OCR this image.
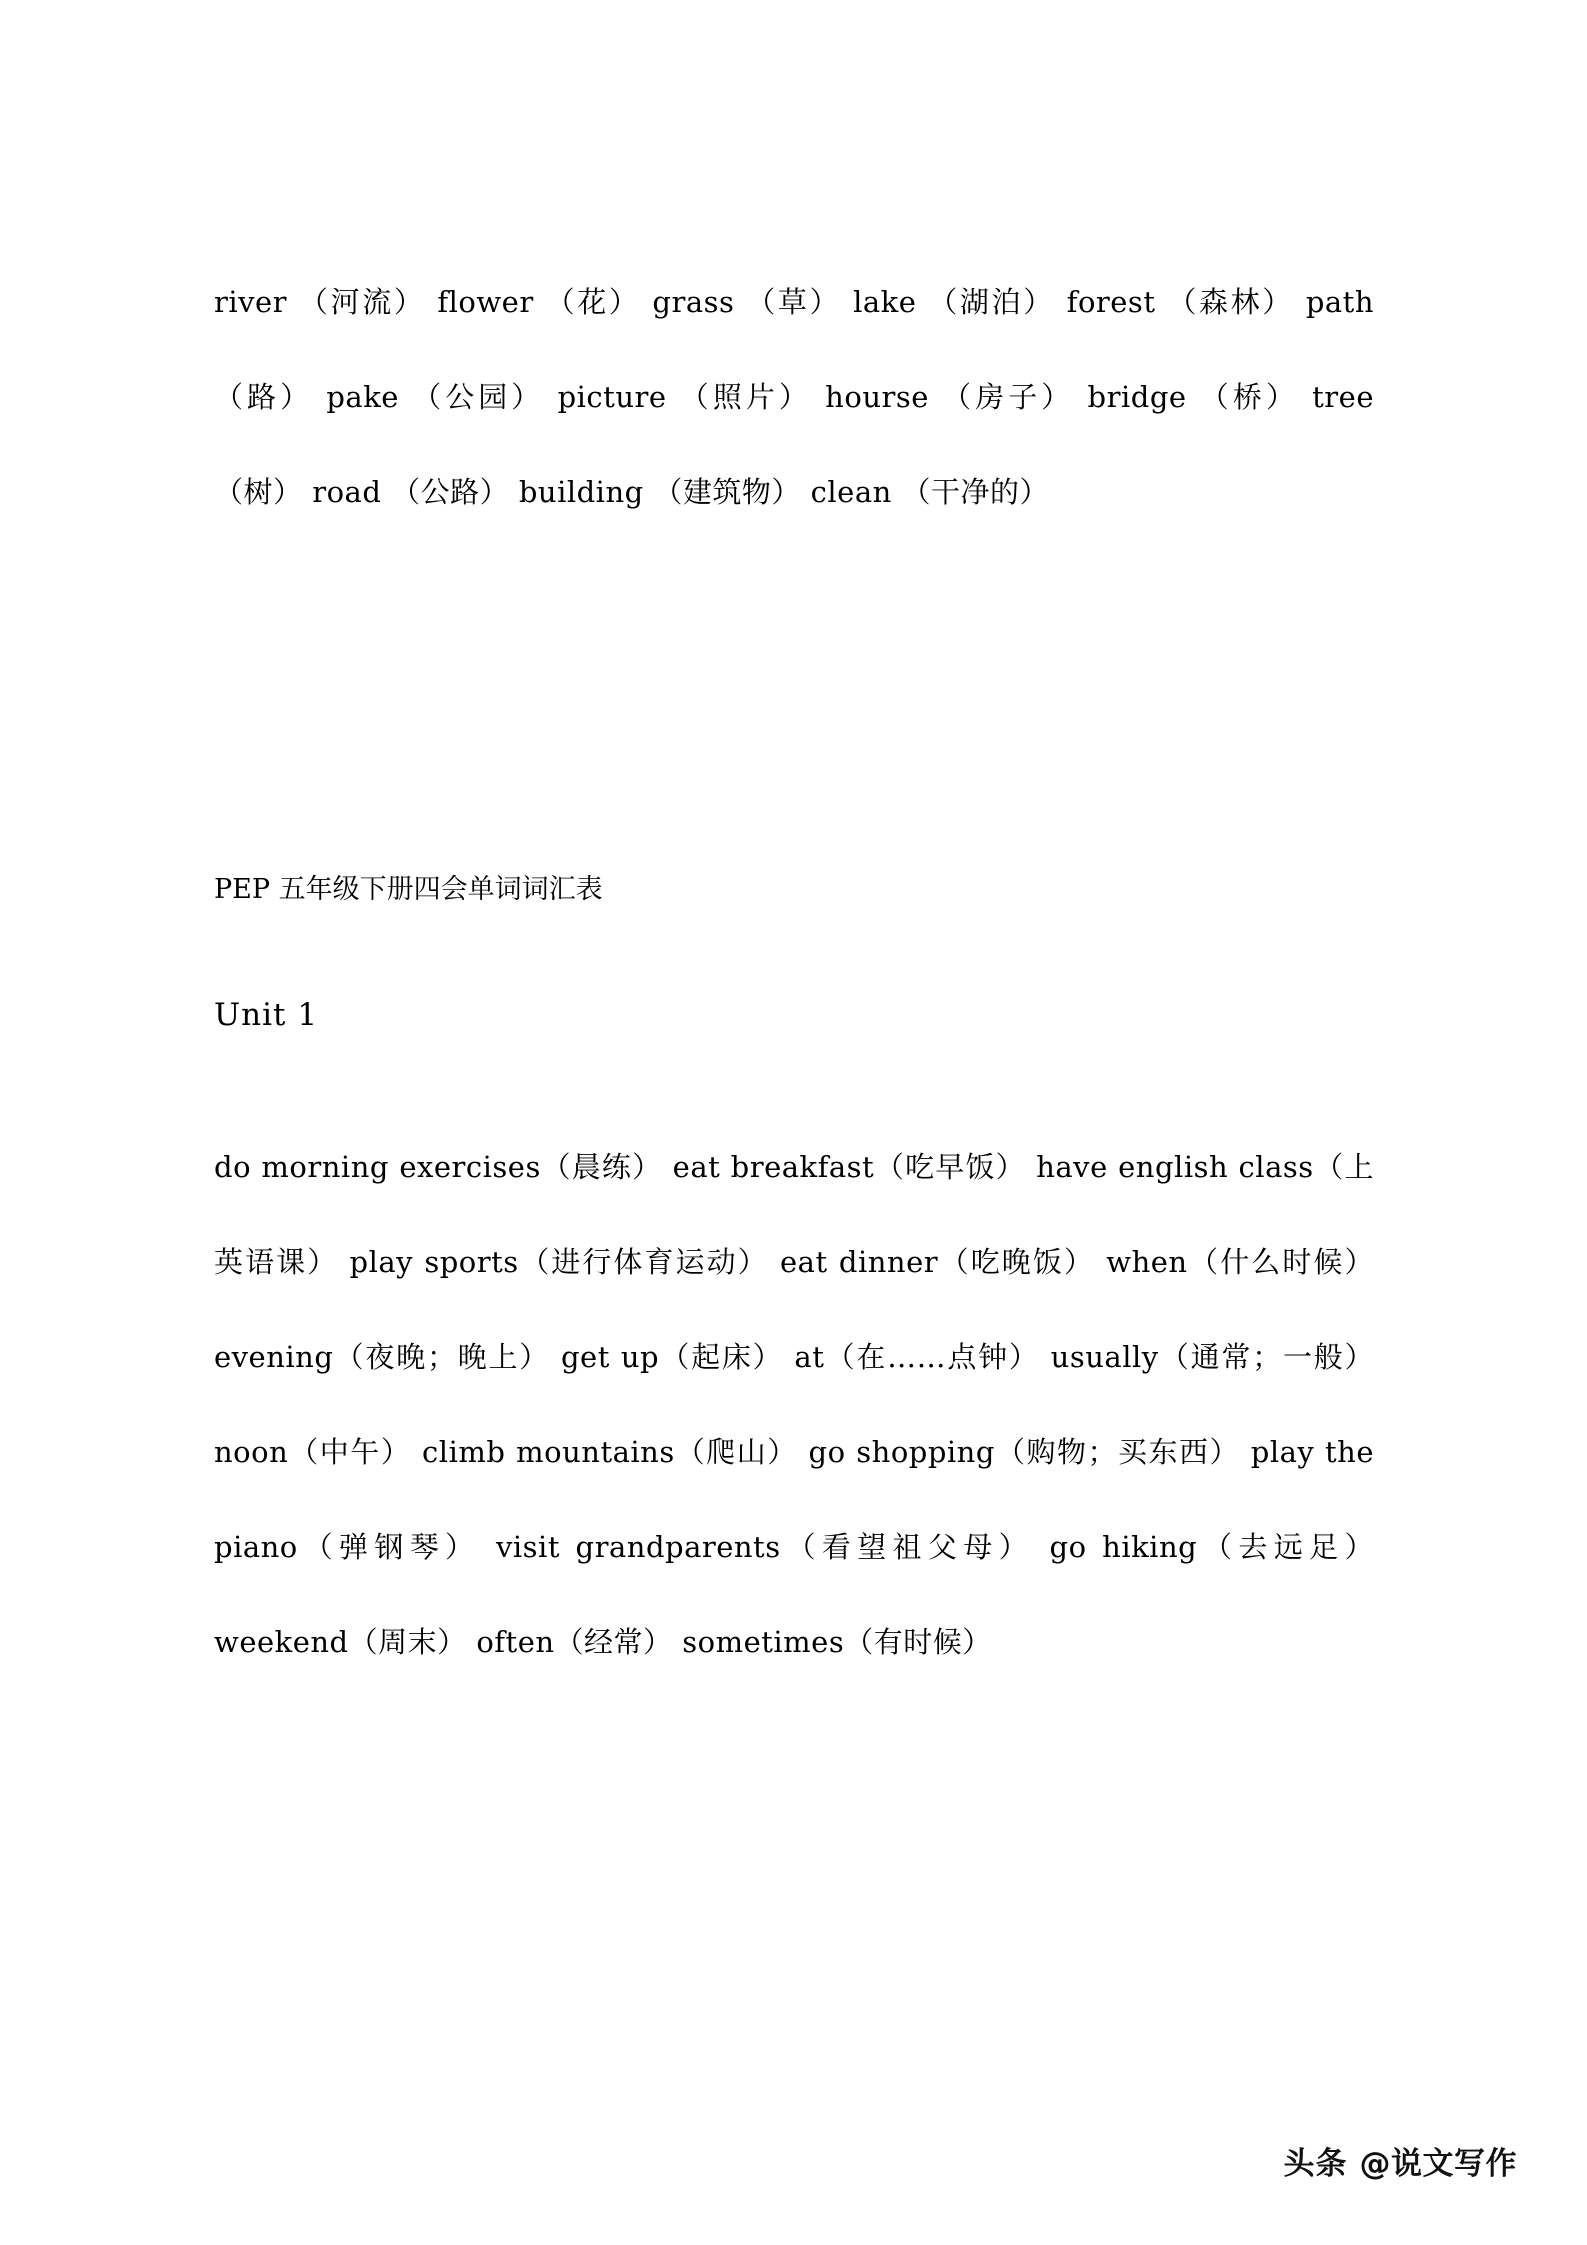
river （河流） flower （花） grass （草） lake （湖泊） forest （森林） path （路） pake （公园） picture （照片） hourse （房子） bridge （桥） tree （树） road （公路） building （建筑物） clean （干净的）

PEP 五年级下册四会单词词汇表

Unit 1

do morning exercises（晨练） eat breakfast（吃早饭） have english class（上英语课） play sports（进行体育运动） eat dinner（吃晚饭） when（什么时候） evening（夜晚；晚上） get up（起床） at（在……点钟） usually（通常；一般） noon（中午） climb mountains（爬山） go shopping（购物；买东西） play the piano（弹钢琴） visit grandparents（看望祖父母） go hiking（去远足） weekend（周末） often（经常） sometimes（有时候）

头条 @说文写作
